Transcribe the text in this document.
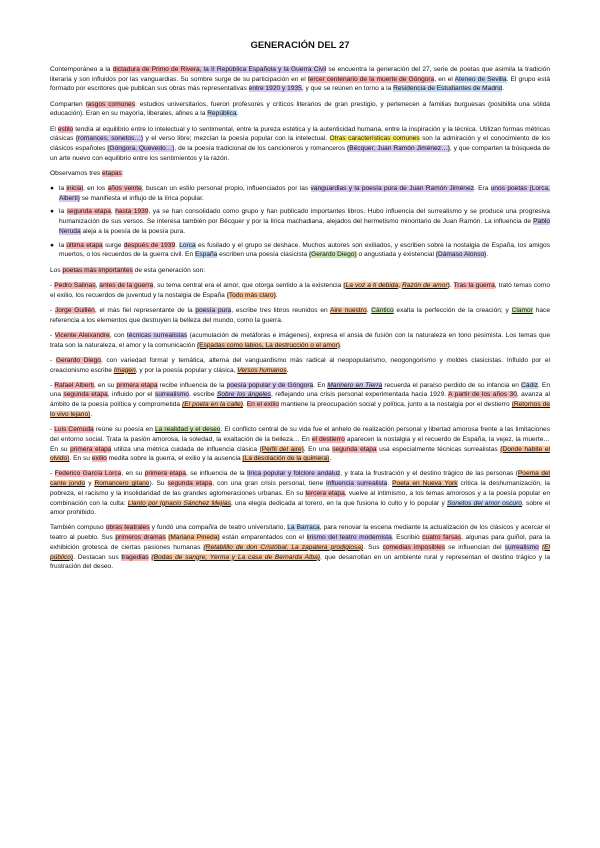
GENERACIÓN DEL 27

Contemporáneo a la dictadura de Primo de Rivera, la II República Española y la Guerra Civil se encuentra la generación del 27, serie de poetas que asimila la tradición literaria y son influidos por las vanguardias. Su sombre surge de su participación en el tercer centenario de la muerte de Góngora, en el Ateneo de Sevilla. El grupo está formado por escritores que publican sus obras más representativas entre 1920 y 1935, y que se reúnen en torno a la Residencia de Estudiantes de Madrid.

Comparten rasgos comunes: estudios universitarios, fueron profesores y críticos literarios de gran prestigio, y pertenecen a familias burguesas (posibilita una sólida educación). Eran en su mayoría, liberales, afines a la República.

El estilo tendía al equilibrio entre lo intelectual y lo sentimental, entre la pureza estética y la autenticidad humana, entre la inspiración y la técnica. Utilizan formas métricas clásicas (romances, sonetos…) y el verso libre; mezclan la poesía popular con la intelectual. Otras características comunes son la admiración y el conocimiento de los clásicos españoles (Góngora, Quevedo…), de la poesía tradicional de los cancioneros y romanceros (Bécquer, Juan Ramón Jiménez…), y que comparten la búsqueda de un arte nuevo con equilibrio entre los sentimientos y la razón.

Observamos tres etapas:

● la inicial, en los años veinte, buscan un estilo personal propio, influenciados por las vanguardias y la poesía pura de Juan Ramón Jiménez. Era unos poetas (Lorca, Alberti) se manifiesta el influjo de la lírica popular.
● la segunda etapa, hasta 1939, ya se han consolidado como grupo y han publicado importantes libros. Hubo influencia del surrealismo y se produce una progresiva humanización de sus versos. Se interesa también por Bécquer y por la lírica machadiana, alejados del hermetismo minoritario de Juan Ramón. La influencia de Pablo Neruda aleja a la poesía de la poesía pura.
● la última etapa surge después de 1939. Lorca es fusilado y el grupo se deshace. Muchos autores son exiliados, y escriben sobre la nostalgia de España, los amigos muertos, o los recuerdos de la guerra civil. En España escriben una poesía clasicista (Gerardo Diego) o angustiada y existencial (Dámaso Alonso).

Los poetas más importantes de esta generación son:

- Pedro Salinas, antes de la guerra, su tema central era el amor, que otorga sentido a la existencia (La voz a ti debida, Razón de amor). Tras la guerra, trató temas como el exilio, los recuerdos de juventud y la nostalgia de España (Todo más claro).

- Jorge Guillén, el más fiel representante de la poesía pura, escribe tres libros reunidos en Aire nuestro. Cántico exalta la perfección de la creación; y Clamor hace referencia a los elementos que destruyen la belleza del mundo, como la guerra.

- Vicente Aleixandre, con técnicas surrealistas (acumulación de metáforas e imágenes), expresa el ansia de fusión con la naturaleza en tono pesimista. Los temas que trata son la naturaleza, el amor y la comunicación (Espadas como labios, La destrucción o el amor).

- Gerardo Diego, con variedad formal y temática, alterna del vanguardismo más radical al neopopularismo, neogongorismo y moldes clasicistas. Influido por el creacionismo escribe Imagen, y por la poesía popular y clásica, Versos humanos.

- Rafael Alberti, en su primera etapa recibe influencia de la poesía popular y de Góngora. En Marinero en Tierra recuerda el paraíso perdido de su infancia en Cádiz. En una segunda etapa, influido por el surrealismo, escribe Sobre los ángeles, reflejando una crisis personal experimentada hacia 1929. A partir de los años 30, avanza al ámbito de la poesía política y comprometida (El poeta en la calle). En el exilio mantiene la preocupación social y política, junto a la nostalgia por el destierro (Retornos de lo vivo lejano).

- Luis Cernuda reúne su poesía en La realidad y el deseo. El conflicto central de su vida fue el anhelo de realización personal y libertad amorosa frente a las limitaciones del entorno social. Trata la pasión amorosa, la soledad, la exaltación de la belleza… En el destierro aparecen la nostalgia y el recuerdo de España, la vejez, la muerte… En su primera etapa utiliza una métrica cuidada de influencia clásica (Perfil del aire). En una segunda etapa usa especialmente técnicas surrealistas (Donde habite el olvido). En su exilio medita sobre la guerra, el exilio y la ausencia (La desolación de la quimera).

- Federico García Lorca, en su primera etapa, se influencia de la lírica popular y folclore andaluz, y trata la frustración y el destino trágico de las personas (Poema del cante jondo y Romancero gitano). Su segunda etapa, con una gran crisis personal, tiene influencia surrealista. Poeta en Nueva York critica la deshumanización, la pobreza, el racismo y la insolidaridad de las grandes aglomeraciones urbanas. En su tercera etapa, vuelve al intimismo, a los temas amorosos y a la poesía popular en combinación con la culta: Llanto por Ignacio Sánchez Mejías, una elegía dedicada al torero, en la que fusiona lo culto y lo popular y Sonetos del amor oscuro, sobre el amor prohibido.

También compuso obras teatrales y fundó una compañía de teatro universitario, La Barraca, para renovar la escena mediante la actualización de los clásicos y acercar el teatro al pueblo. Sus primeros dramas (Mariana Pineda) están emparentados con el lirismo del teatro modernista. Escribió cuatro farsas, algunas para guiñol, para la exhibición grotesca de ciertas pasiones humanas (Retablillo de don Cristóbal, La zapatera prodigiosa). Sus comedias imposibles se influencian del surrealismo (El público). Destacan sus tragedias (Bodas de sangre, Yerma y La casa de Bernarda Alba), que desarrollan en un ambiente rural y representan el destino trágico y la frustración del deseo.
